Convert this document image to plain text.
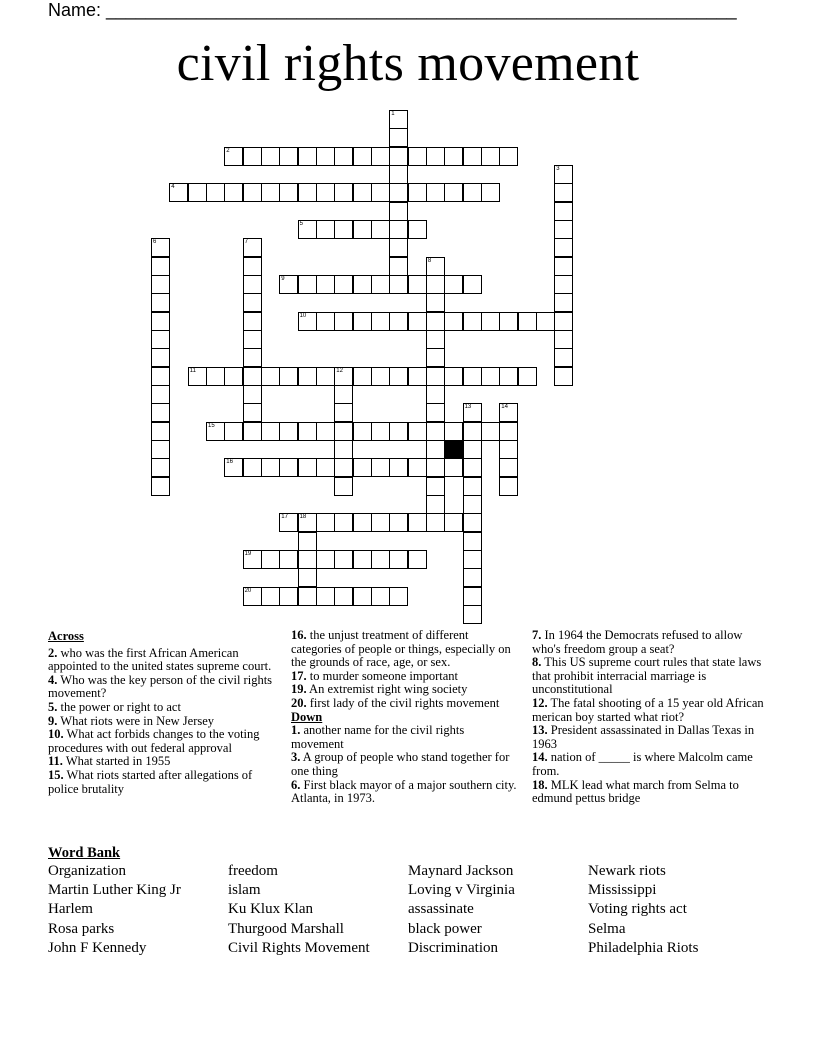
Name: _______________________________________________________________
civil rights movement
1
2
3
4
5
6	7
8
9
10
11	12
13	14
15
16
17 18
19
20

Across

2. who was the first African American appointed to the united states supreme court.

4. Who was the key person of the civil rights movement?

5. the power or right to act

9. What riots were in New Jersey

10. What act forbids changes to the voting procedures with out federal approval

11. What started in 1955

15. What riots started after allegations of police brutality

16. the unjust treatment of different categories of people or things, especially on the grounds of race, age, or sex.

17. to murder someone important

19. An extremist right wing society

20. first lady of the civil rights movement

Down

1. another name for the civil rights movement

3. A group of people who stand together for one thing

6. First black mayor of a major southern city. Atlanta, in 1973.

7. In 1964 the Democrats refused to allow who's freedom group a seat?

8. This US supreme court rules that state laws that prohibit interracial marriage is unconstitutional

12. The fatal shooting of a 15 year old African merican boy started what riot?

13. President assassinated in Dallas Texas in 1963

14. nation of _____ is where Malcolm came from.

18. MLK lead what march from Selma to edmund pettus bridge

Word Bank
Organization
Martin Luther King Jr
Harlem
Rosa parks
John F Kennedy
freedom
islam
Ku Klux Klan
Thurgood Marshall
Civil Rights Movement
Maynard Jackson
Loving v Virginia
assassinate
black power
Discrimination
Newark riots
Mississippi
Voting rights act
Selma
Philadelphia Riots
